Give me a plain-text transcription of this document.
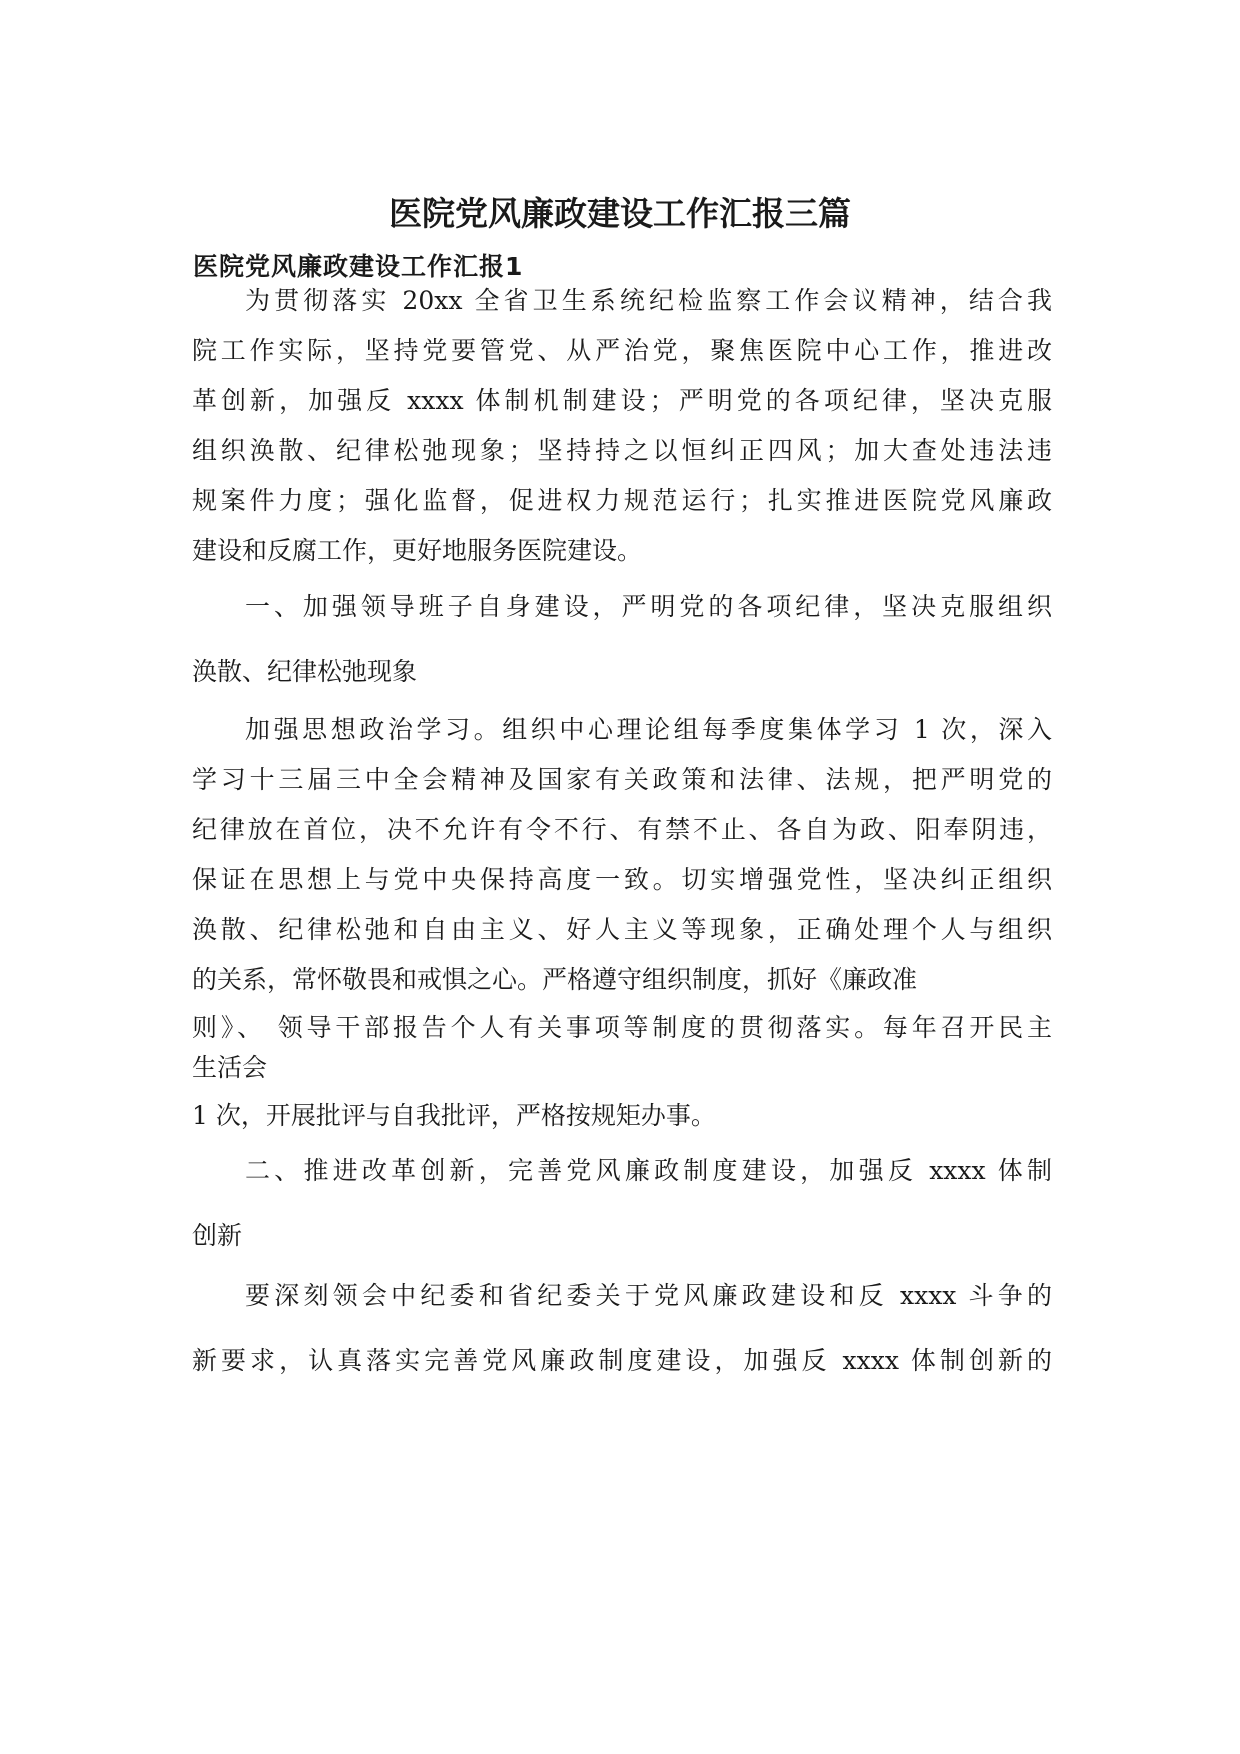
医院党风廉政建设工作汇报三篇
医院党风廉政建设工作汇报1
为贯彻落实 20xx 全省卫生系统纪检监察工作会议精神，结合我
院工作实际，坚持党要管党、从严治党，聚焦医院中心工作，推进改
革创新，加强反 xxxx 体制机制建设；严明党的各项纪律，坚决克服
组织涣散、纪律松弛现象；坚持持之以恒纠正四风；加大查处违法违
规案件力度；强化监督，促进权力规范运行；扎实推进医院党风廉政
建设和反腐工作，更好地服务医院建设。
一、加强领导班子自身建设，严明党的各项纪律，坚决克服组织
涣散、纪律松弛现象
加强思想政治学习。组织中心理论组每季度集体学习 1 次，深入
学习十三届三中全会精神及国家有关政策和法律、法规，把严明党的
纪律放在首位，决不允许有令不行、有禁不止、各自为政、阳奉阴违，
保证在思想上与党中央保持高度一致。切实增强党性，坚决纠正组织
涣散、纪律松弛和自由主义、好人主义等现象，正确处理个人与组织
的关系，常怀敬畏和戒惧之心。严格遵守组织制度，抓好《廉政准
则》、 领导干部报告个人有关事项等制度的贯彻落实。每年召开民主
生活会
1 次，开展批评与自我批评，严格按规矩办事。
二、推进改革创新，完善党风廉政制度建设，加强反 xxxx 体制
创新
要深刻领会中纪委和省纪委关于党风廉政建设和反 xxxx 斗争的
新要求，认真落实完善党风廉政制度建设，加强反 xxxx 体制创新的
